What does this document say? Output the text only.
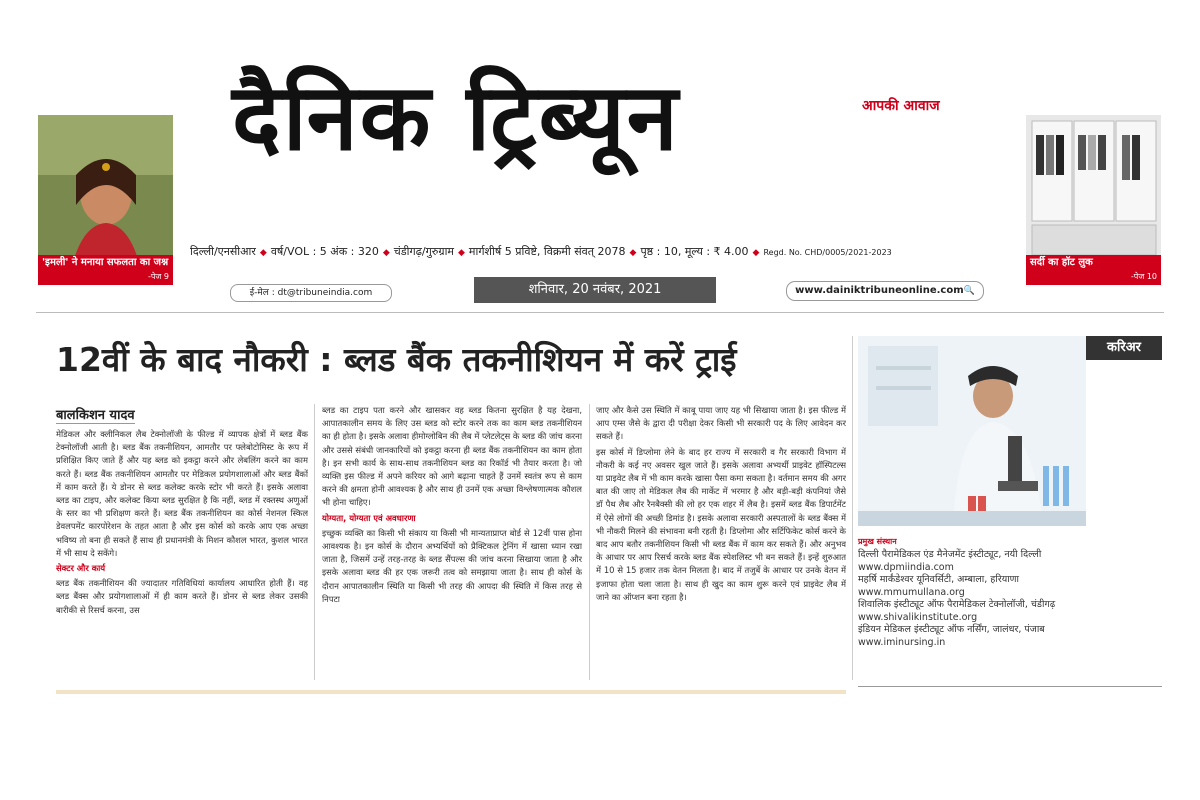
'इमली' ने मनाया सफलता का जश्न
-पेज 9
दैनिक ट्रिब्यून	आपकी आवाज
सर्दी का हॉट लुक
-पेज 10
दिल्ली/एनसीआर ◆ वर्ष/VOL : 5 अंक : 320 ◆ चंडीगढ़/गुरुग्राम ◆ मार्गशीर्ष 5 प्रविष्टे, विक्रमी संवत् 2078 ◆ पृष्ठ : 10, मूल्य : ₹ 4.00 ◆ Regd. No. CHD/0005/2021-2023
ई-मेल : dt@tribuneindia.com	शनिवार, 20 नवंबर, 2021	www.dainiktribuneonline.com🔍
12वीं के बाद नौकरी : ब्लड बैंक तकनीशियन में करें ट्राई	करिअर
बालकिशन यादव

मेडिकल और क्लीनिकल लैब टेक्नोलॉजी के फील्ड में व्यापक क्षेत्रों में ब्लड बैंक टेक्नोलॉजी आती है। ब्लड बैंक तकनीशियन, आमतौर पर फ्लेबोटोमिस्ट के रूप में प्रशिक्षित किए जाते हैं और यह ब्लड को इकट्ठा करने और लेबलिंग करने का काम करते हैं। ब्लड बैंक तकनीशियन आमतौर पर मेडिकल प्रयोगशालाओं और ब्लड बैंकों में काम करते हैं। ये डोनर से ब्लड कलेक्ट करके स्टोर भी करते हैं। इसके अलावा ब्लड का टाइप, और कलेक्ट किया ब्लड सुरक्षित है कि नहीं, ब्लड में रक्तस्थ अणुओं के स्तर का भी प्रशिक्षण करते हैं। ब्लड बैंक तकनीशियन का कोर्स नेशनल स्किल डेवलपमेंट कारपोरेशन के तहत आता है और इस कोर्स को करके आप एक अच्छा भविष्य तो बना ही सकते हैं साथ ही प्रधानमंत्री के मिशन कौशल भारत, कुशल भारत में भी साथ दे सकेंगे।

सेक्टर और कार्य

ब्लड बैंक तकनीशियन की ज्यादातर गतिविधियां कार्यालय आधारित होती हैं। वह ब्लड बैंक्स और प्रयोगशालाओं में ही काम करते हैं। डोनर से ब्लड लेकर उसकी बारीकी से रिसर्च करना, उस

ब्लड का टाइप पता करने और खासकर वह ब्लड कितना सुरक्षित है यह देखना, आपातकालीन समय के लिए उस ब्लड को स्टोर करने तक का काम ब्लड तकनीशियन का ही होता है। इसके अलावा हीमोग्लोबिन की लैब में प्लेटलेट्स के ब्लड की जांच करना और उससे संबंधी जानकारियों को इकट्ठा करना ही ब्लड बैंक तकनीशियन का काम होता है। इन सभी कार्य के साथ-साथ तकनीशियन ब्लड का रिकॉर्ड भी तैयार करता है। जो व्यक्ति इस फील्ड में अपने करियर को आगे बढ़ाना चाहते हैं उनमें स्वतंत्र रूप से काम करने की क्षमता होनी आवश्यक है और साथ ही उनमें एक अच्छा विश्लेषणात्मक कौशल भी होना चाहिए।

योग्यता, योग्यता एवं अवधारणा

इच्छुक व्यक्ति का किसी भी संकाय या किसी भी मान्यताप्राप्त बोर्ड से 12वीं पास होना आवश्यक है। इन कोर्स के दौरान अभ्यर्थियों को प्रैक्टिकल ट्रेनिंग में खासा ध्यान रखा जाता है, जिसमें उन्हें तरह-तरह के ब्लड सैंपल्स की जांच करना सिखाया जाता है और इसके अलावा ब्लड की हर एक जरूरी तत्व को समझाया जाता है। साथ ही कोर्स के दौरान आपातकालीन स्थिति या किसी भी तरह की आपदा की स्थिति में किस तरह से निपटा

जाए और कैसे उस स्थिति में काबू पाया जाए यह भी सिखाया जाता है। इस फील्ड में आप एम्स जैसे के द्वारा दी परीक्षा देकर किसी भी सरकारी पद के लिए आवेदन कर सकते हैं।

इस कोर्स में डिप्लोमा लेने के बाद हर राज्य में सरकारी व गैर सरकारी विभाग में नौकरी के कई नए अवसर खुल जाते हैं। इसके अलावा अभ्यर्थी प्राइवेट हॉस्पिटल्स या प्राइवेट लैब में भी काम करके खासा पैसा कमा सकता है। वर्तमान समय की अगर बात की जाए तो मेडिकल लैब की मार्केट में भरमार है और बड़ी-बड़ी कंपनियां जैसे डॉ पैथ लैब और रैनबैक्सी की लो हर एक शहर में लैब है। इसमें ब्लड बैंक डिपार्टमेंट में ऐसे लोगों की अच्छी डिमांड है। इसके अलावा सरकारी अस्पतालों के ब्लड बैंक्स में भी नौकरी मिलने की संभावना बनी रहती है। डिप्लोमा और सर्टिफिकेट कोर्स करने के बाद आप बतौर तकनीशियन किसी भी ब्लड बैंक में काम कर सकते हैं। और अनुभव के आधार पर आप रिसर्च करके ब्लड बैंक स्पेशलिस्ट भी बन सकते हैं। इन्हें शुरुआत में 10 से 15 हजार तक वेतन मिलता है। बाद में तजुर्बे के आधार पर उनके वेतन में इजाफा होता चला जाता है। साथ ही खुद का काम शुरू करने एवं प्राइवेट लैब में जाने का ऑप्शन बना रहता है।

प्रमुख संस्थान
दिल्ली पैरामेडिकल एंड मैनेजमेंट इंस्टीट्यूट, नयी दिल्ली
www.dpmiindia.com
महर्षि मार्कंडेश्वर यूनिवर्सिटी, अम्बाला, हरियाणा
www.mmumullana.org
शिवालिक इंस्टीट्यूट ऑफ पैरामेडिकल टेक्नोलॉजी, चंडीगढ़
www.shivalikinstitute.org
इंडियन मेडिकल इंस्टीट्यूट ऑफ नर्सिंग, जालंधर, पंजाब
www.iminursing.in
